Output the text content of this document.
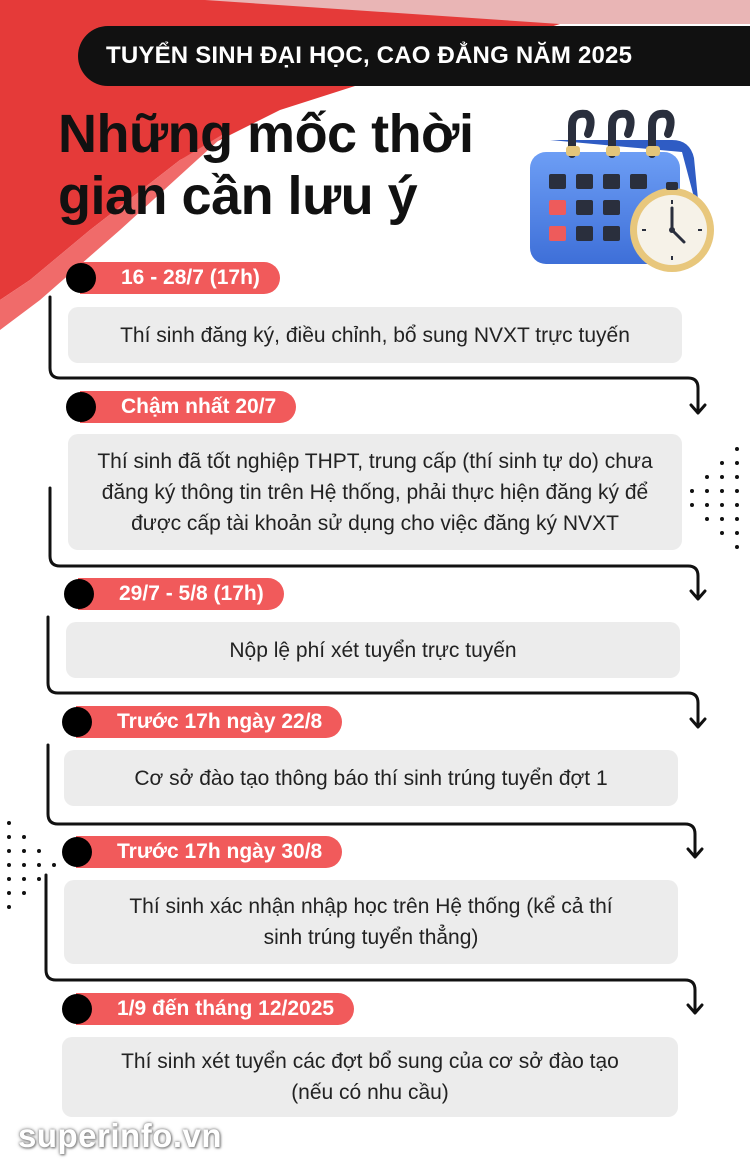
TUYỂN SINH ĐẠI HỌC, CAO ĐẲNG NĂM 2025
Những mốc thời
gian cần lưu ý
16 - 28/7 (17h)
Thí sinh đăng ký, điều chỉnh, bổ sung NVXT trực tuyến
Chậm nhất 20/7
Thí sinh đã tốt nghiệp THPT, trung cấp (thí sinh tự do) chưa
đăng ký thông tin trên Hệ thống, phải thực hiện đăng ký để
được cấp tài khoản sử dụng cho việc đăng ký NVXT
29/7 - 5/8 (17h)
Nộp lệ phí xét tuyển trực tuyến
Trước 17h ngày 22/8
Cơ sở đào tạo thông báo thí sinh trúng tuyển đợt 1
Trước 17h ngày 30/8
Thí sinh xác nhận nhập học trên Hệ thống (kể cả thí
sinh trúng tuyển thẳng)
1/9 đến tháng 12/2025
Thí sinh xét tuyển các đợt bổ sung của cơ sở đào tạo
(nếu có nhu cầu)
superinfo.vn
